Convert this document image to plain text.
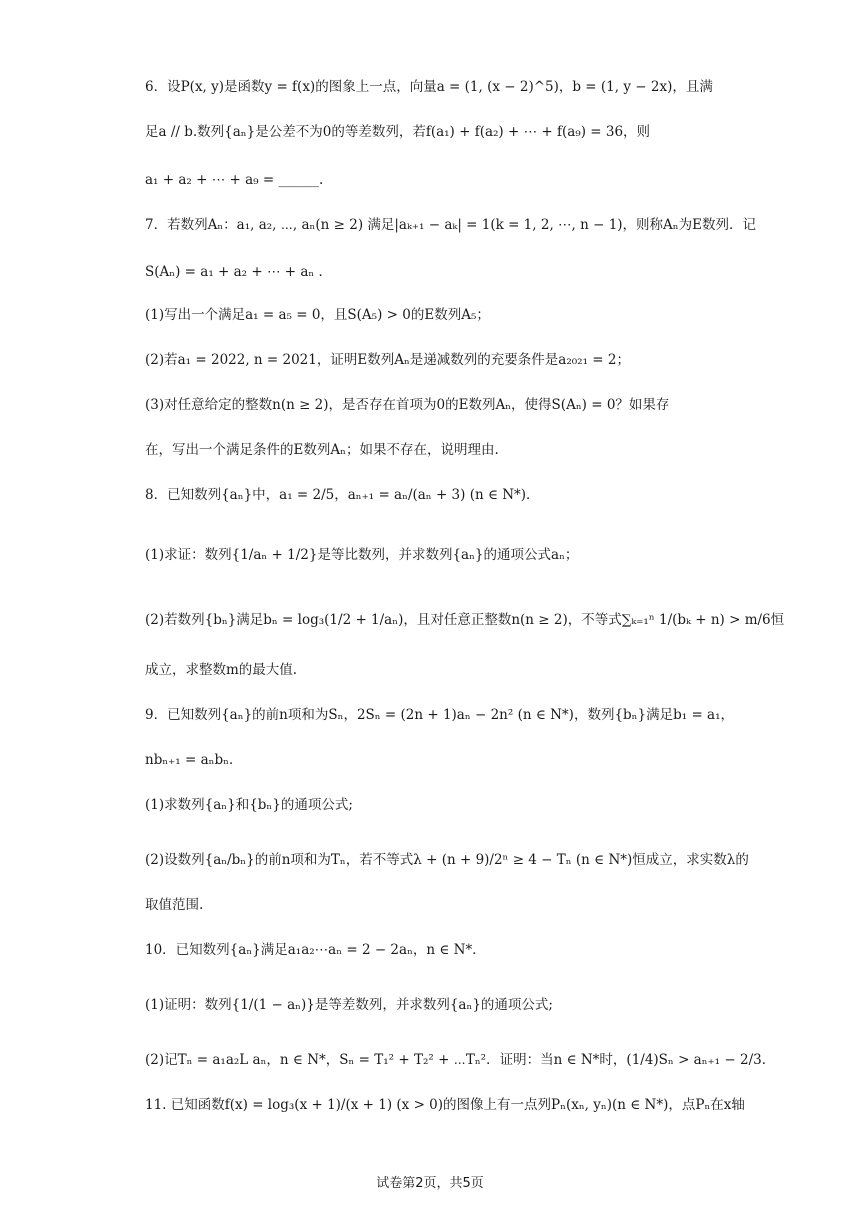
6．设P(x, y)是函数y = f(x)的图象上一点，向量a = (1, (x − 2)^5)，b = (1, y − 2x)，且满
足a // b.数列{aₙ}是公差不为0的等差数列，若f(a₁) + f(a₂) + ⋯ + f(a₉) = 36，则
a₁ + a₂ + ⋯ + a₉ = ______.
7．若数列Aₙ：a₁, a₂, ⋯, aₙ(n ≥ 2) 满足|aₖ₊₁ − aₖ| = 1(k = 1, 2, ⋯, n − 1)，则称Aₙ为E数列．记
S(Aₙ) = a₁ + a₂ + ⋯ + aₙ ．
(1)写出一个满足a₁ = a₅ = 0，且S(A₅) > 0的E数列A₅；
(2)若a₁ = 2022, n = 2021，证明E数列Aₙ是递减数列的充要条件是a₂₀₂₁ = 2；
(3)对任意给定的整数n(n ≥ 2)，是否存在首项为0的E数列Aₙ，使得S(Aₙ) = 0？如果存
在，写出一个满足条件的E数列Aₙ；如果不存在，说明理由.
8．已知数列{aₙ}中，a₁ = 2/5，aₙ₊₁ = aₙ/(aₙ + 3) (n ∈ N*)．
(1)求证：数列{1/aₙ + 1/2}是等比数列，并求数列{aₙ}的通项公式aₙ；
(2)若数列{bₙ}满足bₙ = log₃(1/2 + 1/aₙ)，且对任意正整数n(n ≥ 2)，不等式∑ₖ₌₁ⁿ 1/(bₖ + n) > m/6恒
成立，求整数m的最大值.
9．已知数列{aₙ}的前n项和为Sₙ，2Sₙ = (2n + 1)aₙ − 2n² (n ∈ N*)，数列{bₙ}满足b₁ = a₁，
nbₙ₊₁ = aₙbₙ．
(1)求数列{aₙ}和{bₙ}的通项公式;
(2)设数列{aₙ/bₙ}的前n项和为Tₙ，若不等式λ + (n + 9)/2ⁿ ≥ 4 − Tₙ (n ∈ N*)恒成立，求实数λ的
取值范围.
10．已知数列{aₙ}满足a₁a₂⋯aₙ = 2 − 2aₙ，n ∈ N*．
(1)证明：数列{1/(1 − aₙ)}是等差数列，并求数列{aₙ}的通项公式;
(2)记Tₙ = a₁a₂L aₙ，n ∈ N*，Sₙ = T₁² + T₂² + ⋯Tₙ²．证明：当n ∈ N*时，(1/4)Sₙ > aₙ₊₁ − 2/3．
11. 已知函数f(x) = log₃(x + 1)/(x + 1) (x > 0)的图像上有一点列Pₙ(xₙ, yₙ)(n ∈ N*)，点Pₙ在x轴
试卷第2页，共5页
